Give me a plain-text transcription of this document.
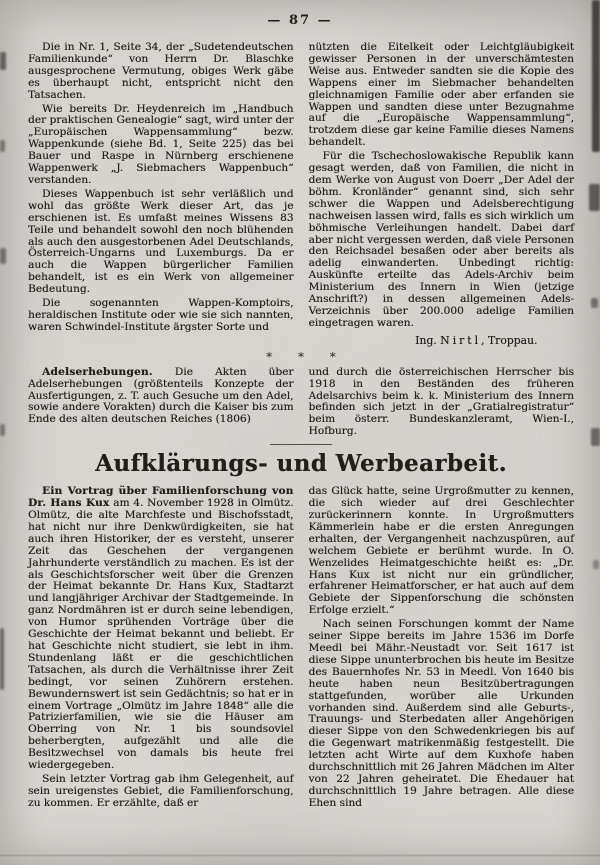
— 87 —

Die in Nr. 1, Seite 34, der „Sudetendeutschen Familienkunde“ von Herrn Dr. Blaschke ausgesprochene Vermutung, obiges Werk gäbe es überhaupt nicht, entspricht nicht den Tatsachen.

Wie bereits Dr. Heydenreich im „Handbuch der praktischen Genealogie“ sagt, wird unter der „Europäischen Wappensammlung“ bezw. Wappenkunde (siehe Bd. 1, Seite 225) das bei Bauer und Raspe in Nürnberg erschienene Wappenwerk „J. Siebmachers Wappenbuch“ verstanden.

Dieses Wappenbuch ist sehr verläßlich und wohl das größte Werk dieser Art, das je erschienen ist. Es umfaßt meines Wissens 83 Teile und behandelt sowohl den noch blühenden als auch den ausgestorbenen Adel Deutschlands, Österreich-Ungarns und Luxemburgs. Da er auch die Wappen bürgerlicher Familien behandelt, ist es ein Werk von allgemeiner Bedeutung.

Die sogenannten Wappen-Komptoirs, heraldischen Institute oder wie sie sich nannten, waren Schwindel-Institute ärgster Sorte und

nützten die Eitelkeit oder Leichtgläubigkeit gewisser Personen in der unverschämtesten Weise aus. Entweder sandten sie die Kopie des Wappens einer im Siebmacher behandelten gleichnamigen Familie oder aber erfanden sie Wappen und sandten diese unter Bezugnahme auf die „Europäische Wappensammlung“, trotzdem diese gar keine Familie dieses Namens behandelt.

Für die Tschechoslowakische Republik kann gesagt werden, daß von Familien, die nicht in dem Werke von August von Doerr „Der Adel der böhm. Kronländer“ genannt sind, sich sehr schwer die Wappen und Adelsberechtigung nachweisen lassen wird, falls es sich wirklich um böhmische Verleihungen handelt. Dabei darf aber nicht vergessen werden, daß viele Personen den Reichsadel besaßen oder aber bereits als adelig einwanderten. Unbedingt richtig: Auskünfte erteilte das Adels-Archiv beim Ministerium des Innern in Wien (jetzige Anschrift?) in dessen allgemeinen Adels-Verzeichnis über 200.000 adelige Familien eingetragen waren.

Ing. Nirtl, Troppau.
* * *

Adelserhebungen. Die Akten über Adelserhebungen (größtenteils Konzepte der Ausfertigungen, z. T. auch Gesuche um den Adel, sowie andere Vorakten) durch die Kaiser bis zum Ende des alten deutschen Reiches (1806)

und durch die österreichischen Herrscher bis 1918 in den Beständen des früheren Adelsarchivs beim k. k. Ministerium des Innern befinden sich jetzt in der „Gratialregistratur“ beim österr. Bundeskanzleramt, Wien-I., Hofburg.

Aufklärungs- und Werbearbeit.

Ein Vortrag über Familienforschung von Dr. Hans Kux am 4. November 1928 in Olmütz. Olmütz, die alte Marchfeste und Bischofsstadt, hat nicht nur ihre Denkwürdigkeiten, sie hat auch ihren Historiker, der es versteht, unserer Zeit das Geschehen der vergangenen Jahrhunderte verständlich zu machen. Es ist der als Geschichtsforscher weit über die Grenzen der Heimat bekannte Dr. Hans Kux, Stadtarzt und langjähriger Archivar der Stadtgemeinde. In ganz Nordmähren ist er durch seine lebendigen, von Humor sprühenden Vorträge über die Geschichte der Heimat bekannt und beliebt. Er hat Geschichte nicht studiert, sie lebt in ihm. Stundenlang läßt er die geschichtlichen Tatsachen, als durch die Verhältnisse ihrer Zeit bedingt, vor seinen Zuhörern erstehen. Bewundernswert ist sein Gedächtnis; so hat er in einem Vortrage „Olmütz im Jahre 1848“ alle die Patrizierfamilien, wie sie die Häuser am Oberring von Nr. 1 bis soundsoviel beherbergten, aufgezählt und alle die Besitzwechsel von damals bis heute frei wiedergegeben.

Sein letzter Vortrag gab ihm Gelegenheit, auf sein ureigenstes Gebiet, die Familienforschung, zu kommen. Er erzählte, daß er

das Glück hatte, seine Urgroßmutter zu kennen, die sich wieder auf drei Geschlechter zurückerinnern konnte. In Urgroßmutters Kämmerlein habe er die ersten Anregungen erhalten, der Vergangenheit nachzuspüren, auf welchem Gebiete er berühmt wurde. In O. Wenzelides Heimatgeschichte heißt es: „Dr. Hans Kux ist nicht nur ein gründlicher, erfahrener Heimatforscher, er hat auch auf dem Gebiete der Sippenforschung die schönsten Erfolge erzielt.“

Nach seinen Forschungen kommt der Name seiner Sippe bereits im Jahre 1536 im Dorfe Meedl bei Mähr.-Neustadt vor. Seit 1617 ist diese Sippe ununterbrochen bis heute im Besitze des Bauernhofes Nr. 53 in Meedl. Von 1640 bis heute haben neun Besitzübertragungen stattgefunden, worüber alle Urkunden vorhanden sind. Außerdem sind alle Geburts-, Trauungs- und Sterbedaten aller Angehörigen dieser Sippe von den Schwedenkriegen bis auf die Gegenwart matrikenmäßig festgestellt. Die letzten acht Wirte auf dem Kuxhofe haben durchschnittlich mit 26 Jahren Mädchen im Alter von 22 Jahren geheiratet. Die Ehedauer hat durchschnittlich 19 Jahre betragen. Alle diese Ehen sind
